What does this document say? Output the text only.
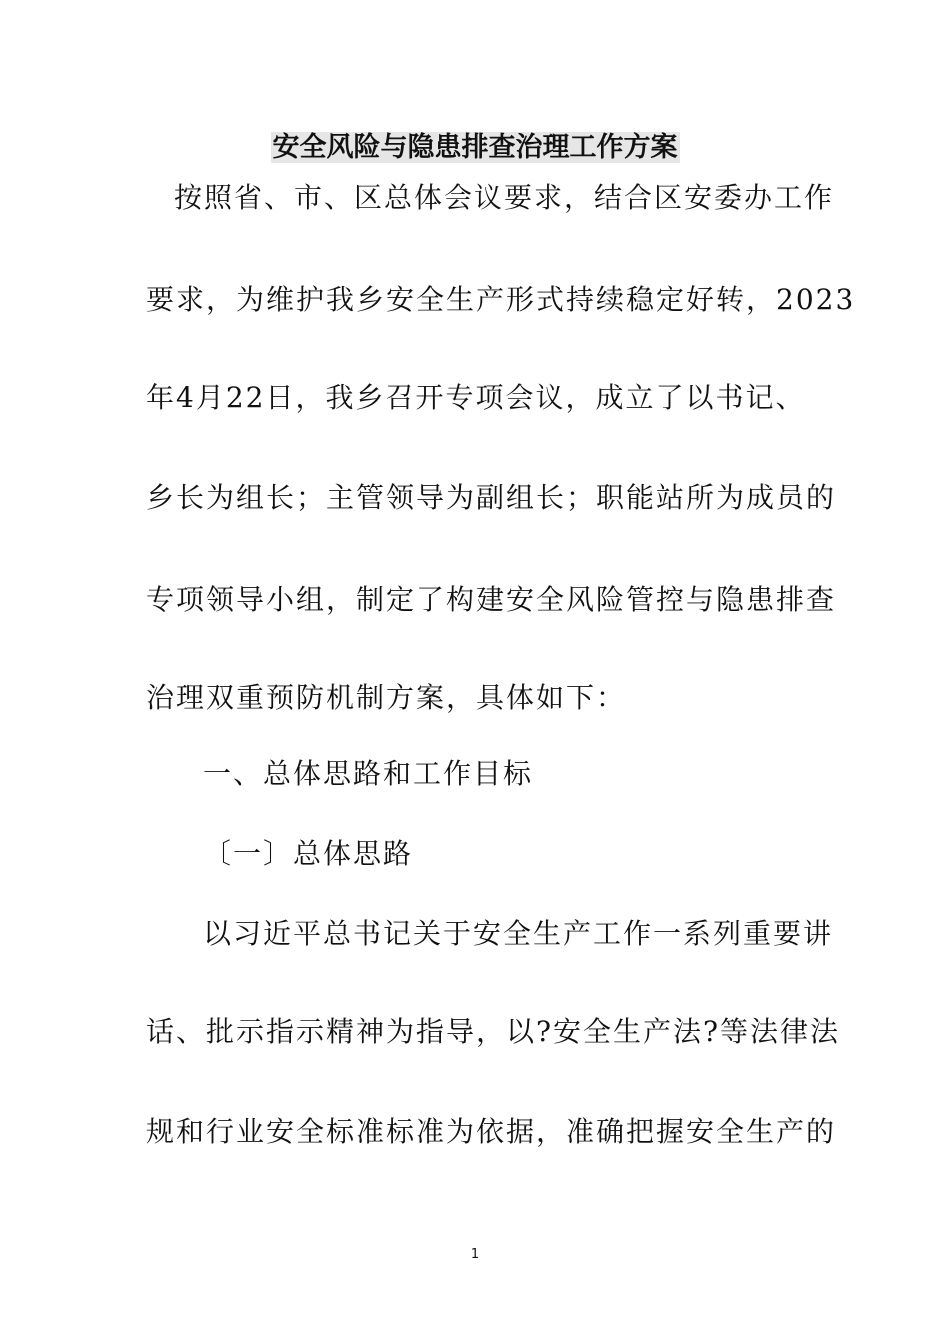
安全风险与隐患排查治理工作方案

按照省、市、区总体会议要求，结合区安委办工作

要求，为维护我乡安全生产形式持续稳定好转，2023

年4月22日，我乡召开专项会议，成立了以书记、

乡长为组长；主管领导为副组长；职能站所为成员的

专项领导小组，制定了构建安全风险管控与隐患排查

治理双重预防机制方案，具体如下：

一、总体思路和工作目标

〔一〕总体思路

以习近平总书记关于安全生产工作一系列重要讲

话、批示指示精神为指导，以?安全生产法?等法律法

规和行业安全标准标准为依据，准确把握安全生产的

1
